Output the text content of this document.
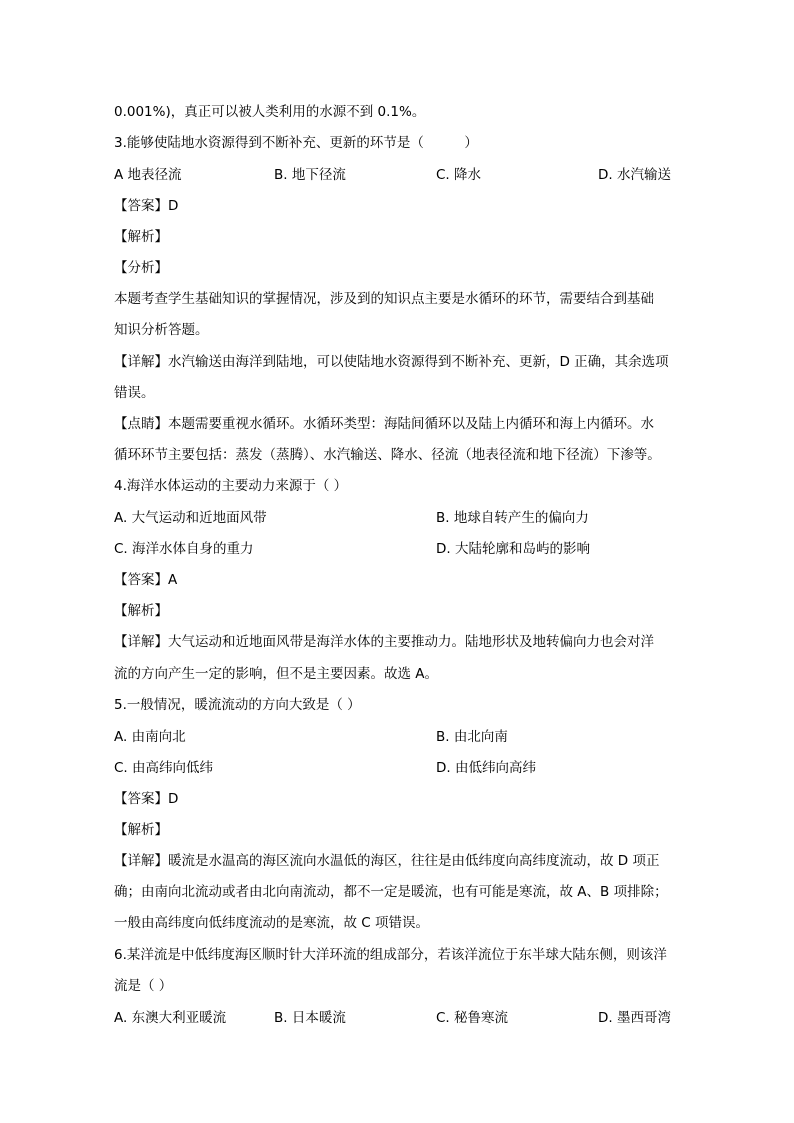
0.001%)，真正可以被人类利用的水源不到 0.1%。
3.能够使陆地水资源得到不断补充、更新的环节是（　　　）
A 地表径流	B. 地下径流	C. 降水	D. 水汽输送
【答案】D
【解析】
【分析】
本题考查学生基础知识的掌握情况，涉及到的知识点主要是水循环的环节，需要结合到基础
知识分析答题。
【详解】水汽输送由海洋到陆地，可以使陆地水资源得到不断补充、更新，D 正确，其余选项
错误。
【点睛】本题需要重视水循环。水循环类型：海陆间循环以及陆上内循环和海上内循环。水
循环环节主要包括：蒸发（蒸腾）、水汽输送、降水、径流（地表径流和地下径流）下渗等。
4.海洋水体运动的主要动力来源于（ ）
A. 大气运动和近地面风带	B. 地球自转产生的偏向力
C. 海洋水体自身的重力	D. 大陆轮廓和岛屿的影响
【答案】A
【解析】
【详解】大气运动和近地面风带是海洋水体的主要推动力。陆地形状及地转偏向力也会对洋
流的方向产生一定的影响，但不是主要因素。故选 A。
5.一般情况，暖流流动的方向大致是（ ）
A. 由南向北	B. 由北向南
C. 由高纬向低纬	D. 由低纬向高纬
【答案】D
【解析】
【详解】暖流是水温高的海区流向水温低的海区，往往是由低纬度向高纬度流动，故 D 项正
确；由南向北流动或者由北向南流动，都不一定是暖流，也有可能是寒流，故 A、B 项排除；
一般由高纬度向低纬度流动的是寒流，故 C 项错误。
6.某洋流是中低纬度海区顺时针大洋环流的组成部分，若该洋流位于东半球大陆东侧，则该洋
流是（ ）
A. 东澳大利亚暖流	B. 日本暖流	C. 秘鲁寒流	D. 墨西哥湾
